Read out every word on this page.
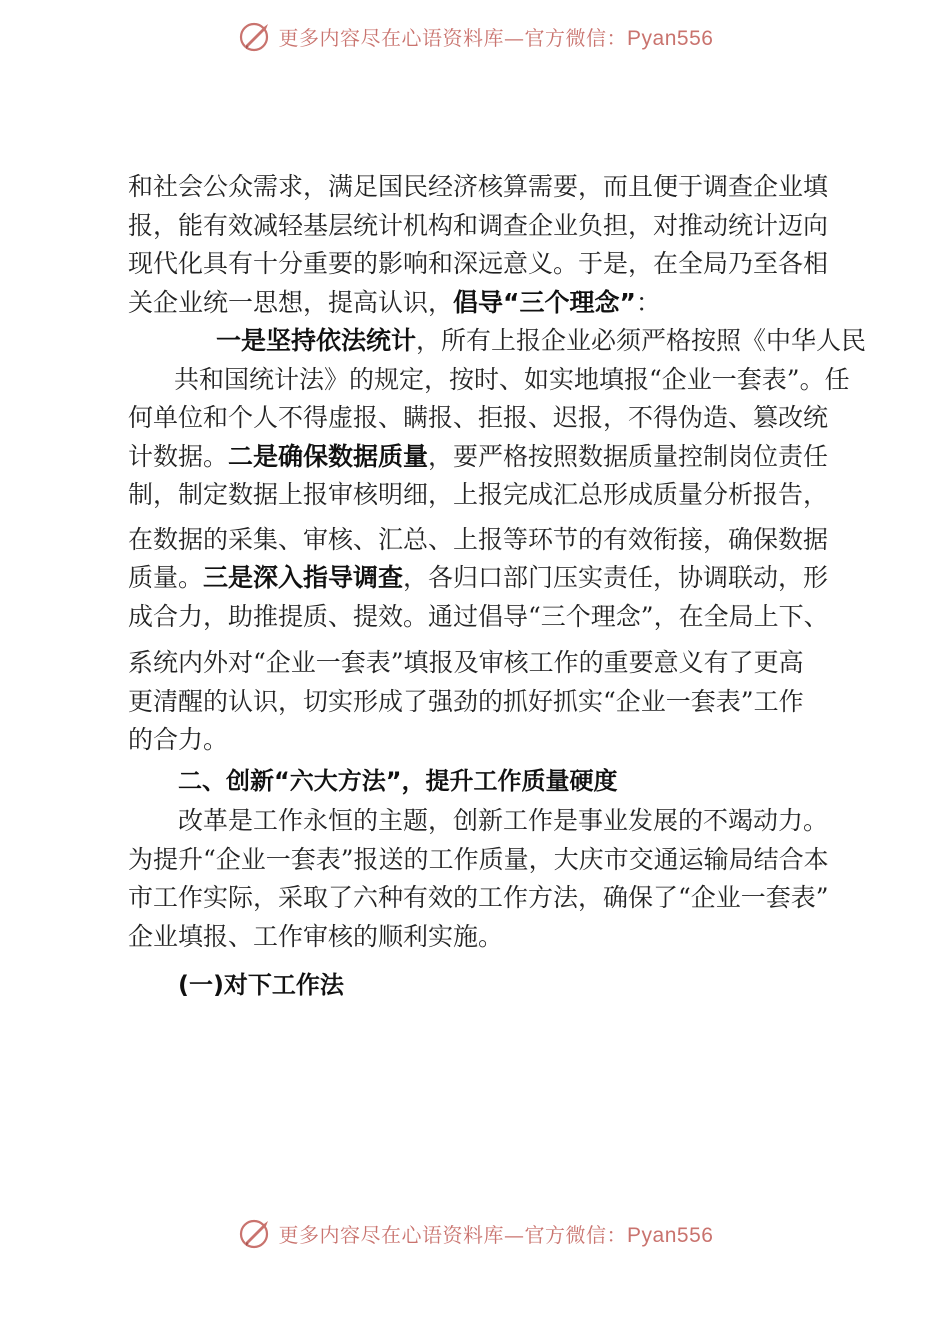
更多内容尽在心语资料库—官方微信：Pyan556
和社会公众需求，满足国民经济核算需要，而且便于调查企业填
报，能有效减轻基层统计机构和调查企业负担，对推动统计迈向
现代化具有十分重要的影响和深远意义。于是，在全局乃至各相
关企业统一思想，提高认识，倡导“三个理念”：
一是坚持依法统计，所有上报企业必须严格按照《中华人民
共和国统计法》的规定，按时、如实地填报“企业一套表”。任
何单位和个人不得虚报、瞒报、拒报、迟报，不得伪造、篡改统
计数据。二是确保数据质量，要严格按照数据质量控制岗位责任
制，制定数据上报审核明细，上报完成汇总形成质量分析报告，
在数据的采集、审核、汇总、上报等环节的有效衔接，确保数据
质量。三是深入指导调查，各归口部门压实责任，协调联动，形
成合力，助推提质、提效。通过倡导“三个理念”，在全局上下、
系统内外对“企业一套表”填报及审核工作的重要意义有了更高
更清醒的认识，切实形成了强劲的抓好抓实“企业一套表”工作
的合力。
二、创新“六大方法”，提升工作质量硬度
改革是工作永恒的主题，创新工作是事业发展的不竭动力。
为提升“企业一套表”报送的工作质量，大庆市交通运输局结合本
市工作实际，采取了六种有效的工作方法，确保了“企业一套表”
企业填报、工作审核的顺利实施。
(一)对下工作法
更多内容尽在心语资料库—官方微信：Pyan556
